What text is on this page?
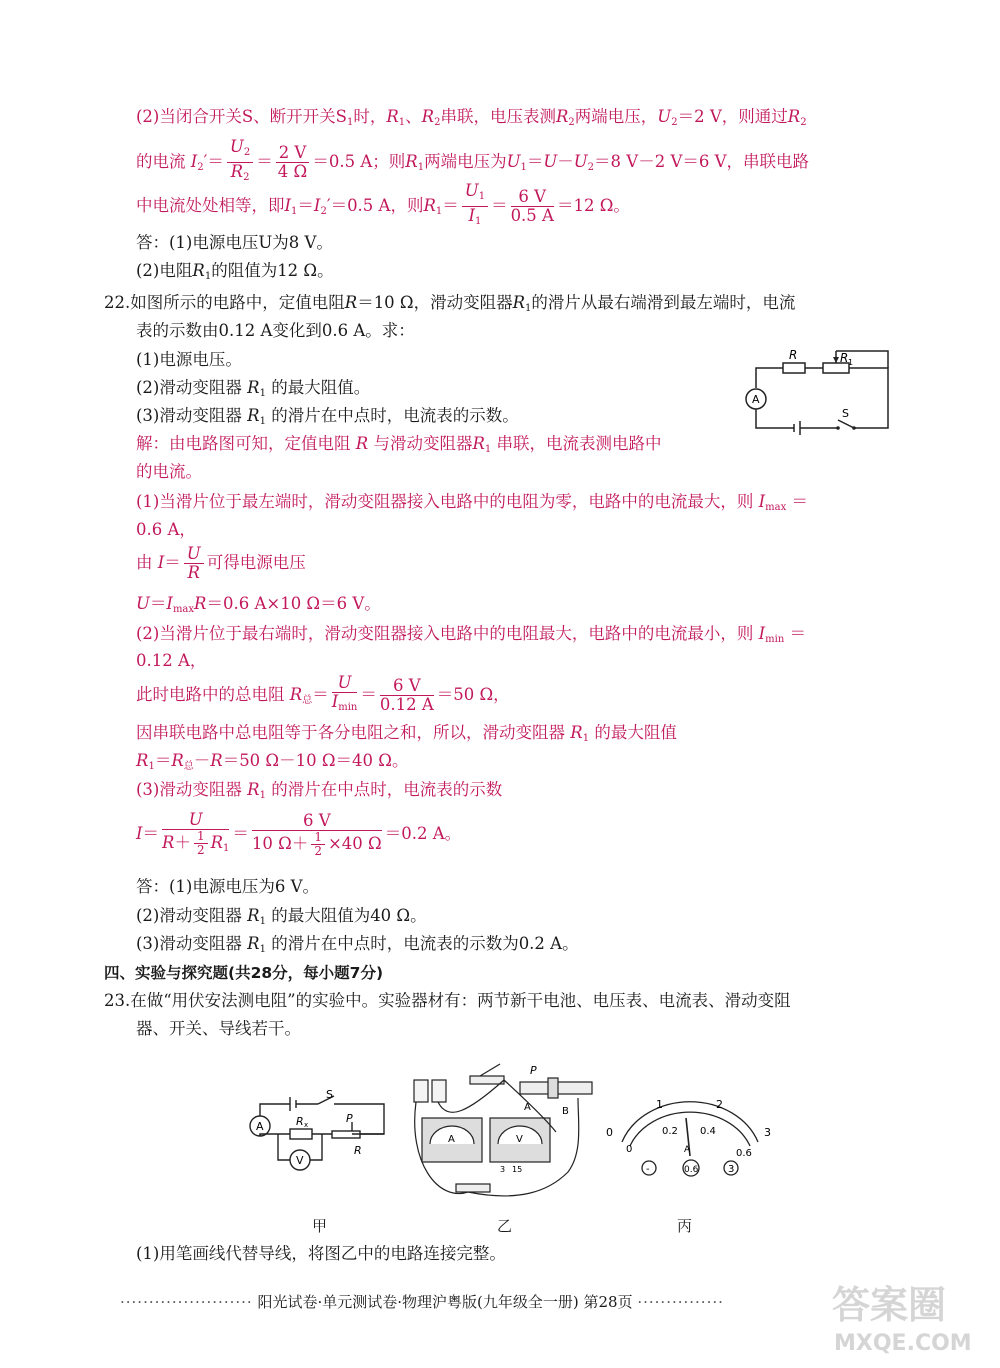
(2)当闭合开关S、断开开关$S_1$时，$R_1$、$R_2$串联，电压表测$R_2$两端电压，$U_2=2$ V，则通过$R_2$
的电流 $I_2'= \frac{U_2}{R_2} = \frac{2 V}{4 \Omega} =0.5$ A；则$R_1$两端电压为$U_1=U-U_2=8$ V－2 V＝6 V，串联电路
中电流处处相等，即$I_1=I_2'=0.5$ A，则$R_1= \frac{U_1}{I_1} = \frac{6 V}{0.5 A} =12$ Ω。
答：(1)电源电压U为8 V。
(2)电阻$R_1$的阻值为12 Ω。
22.如图所示的电路中，定值电阻R＝10 Ω，滑动变阻器$R_1$的滑片从最右端滑到最左端时，电流
表的示数由0.12 A变化到0.6 A。求：
(1)电源电压。
(2)滑动变阻器 $R_1$ 的最大阻值。
(3)滑动变阻器 $R_1$ 的滑片在中点时，电流表的示数。
R	R 1
A
S
解：由电路图可知，定值电阻 R 与滑动变阻器$R_1$ 串联，电流表测电路中
的电流。
(1)当滑片位于最左端时，滑动变阻器接入电路中的电阻为零，电路中的电流最大，则 $I_{max}$ ＝
0.6 A，
由 $I= \frac{U}{R}$ 可得电源电压
$U=I_{max}R=0.6$ A×10 Ω＝6 V。
(2)当滑片位于最右端时，滑动变阻器接入电路中的电阻最大，电路中的电流最小，则 $I_{min}$ ＝
0.12 A，
此时电路中的总电阻 $R_总= \frac{U}{I_{min}} = \frac{6 V}{0.12 A} =50$ Ω，
因串联电路中总电阻等于各分电阻之和，所以，滑动变阻器 $R_1$ 的最大阻值
$R_1=R_总-R=50$ Ω－10 Ω＝40 Ω。
(3)滑动变阻器 $R_1$ 的滑片在中点时，电流表的示数
$I= \frac{U}{R+ \frac{1}{2} R_1} = \frac{6 V}{10 \Omega+ \frac{1}{2} \times 40 \Omega} =0.2$ A。
答：(1)电源电压为6 V。
(2)滑动变阻器 $R_1$ 的最大阻值为40 Ω。
(3)滑动变阻器 $R_1$ 的滑片在中点时，电流表的示数为0.2 A。
四、实验与探究题(共28分，每小题7分)
23.在做“用伏安法测电阻”的实验中。实验器材有：两节新干电池、电压表、电流表、滑动变阻
器、开关、导线若干。
A
V
S
R x	P
R
P
A	B
V
A
3 15
0
1	2
3
0
0.2 0.4
0.6
A
-	0.6	3
甲	乙	丙
(1)用笔画线代替导线，将图乙中的电路连接完整。
······················· 阳光试卷·单元测试卷·物理沪粤版(九年级全一册) 第28页 ···············	答案圈
MXQE.COM
